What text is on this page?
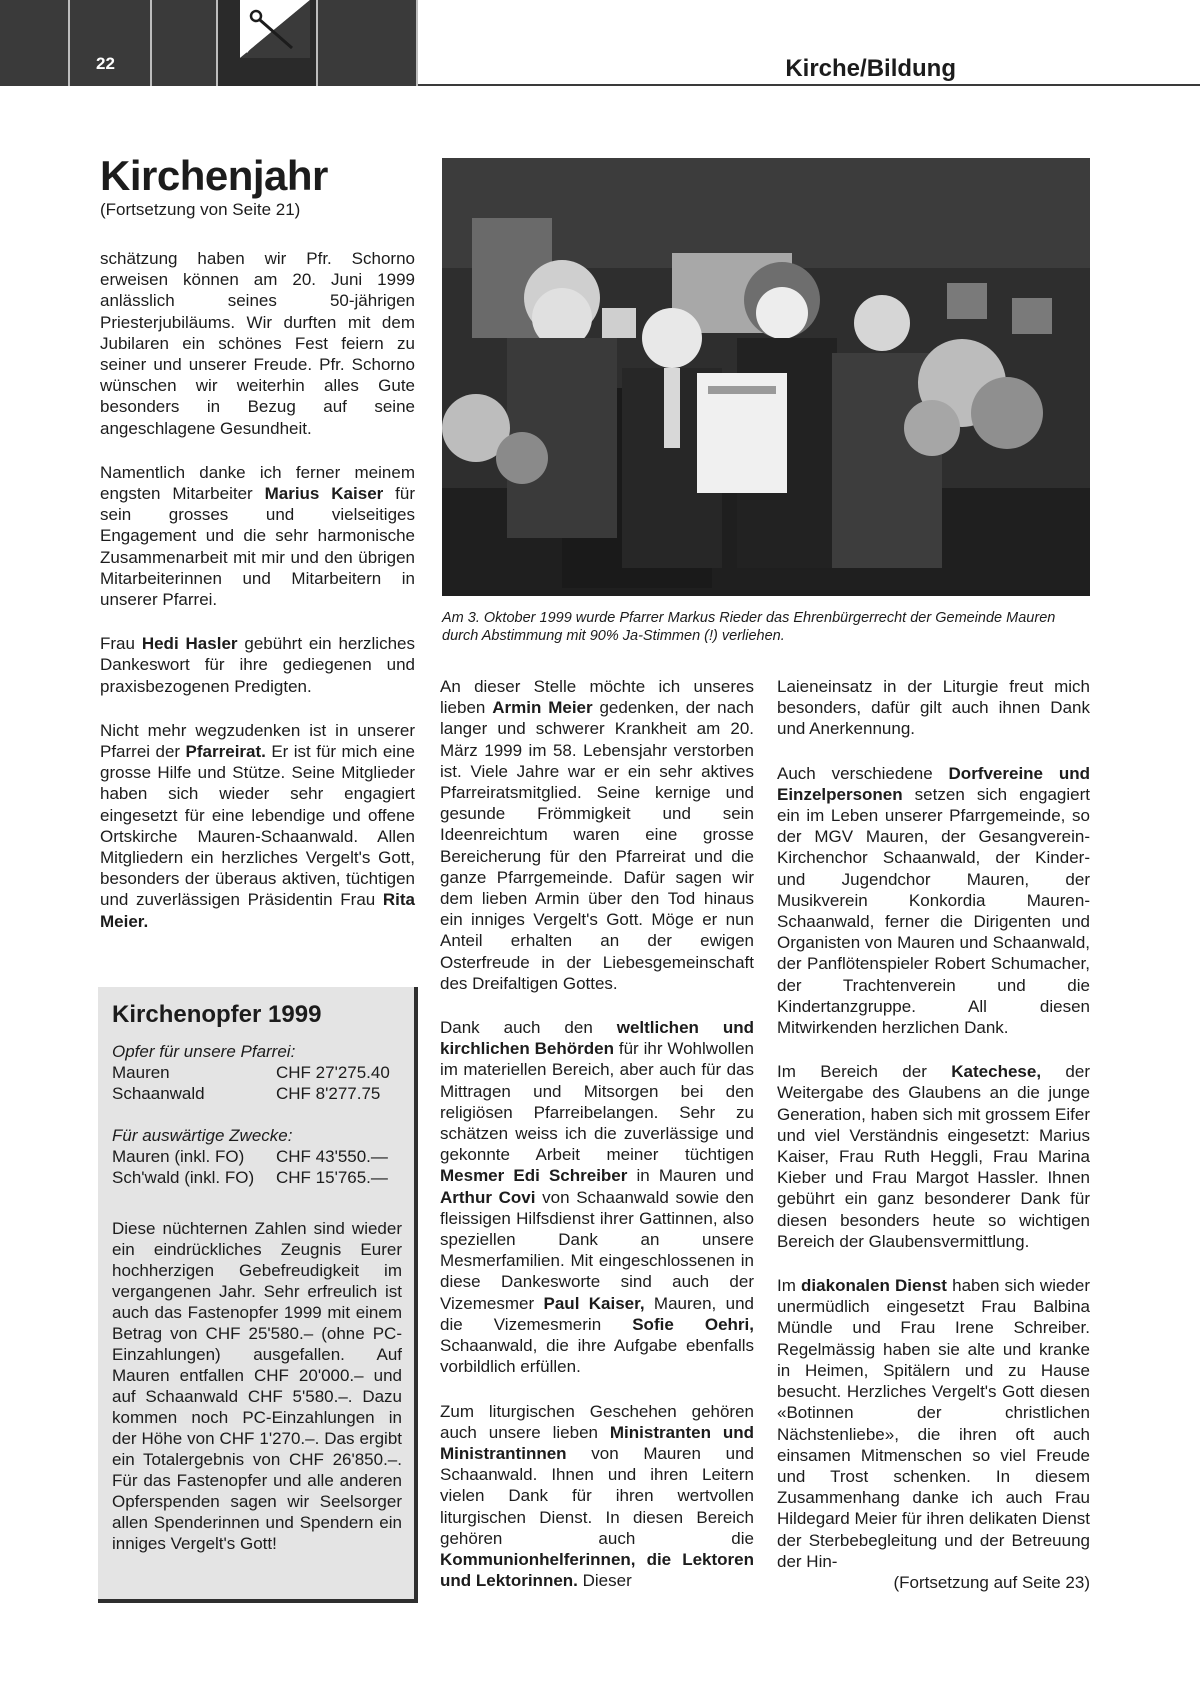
22	Kirche/Bildung
Kirchenjahr
(Fortsetzung von Seite 21)

schätzung haben wir Pfr. Schorno erweisen können am 20. Juni 1999 anlässlich seines 50-jährigen Priesterjubiläums. Wir durften mit dem Jubilaren ein schönes Fest feiern zu seiner und unserer Freude. Pfr. Schorno wünschen wir weiterhin alles Gute besonders in Bezug auf seine angeschlagene Gesundheit.

Namentlich danke ich ferner meinem engsten Mitarbeiter Marius Kaiser für sein grosses und vielseitiges Engagement und die sehr harmonische Zusammenarbeit mit mir und den übrigen Mitarbeiterinnen und Mitarbeitern in unserer Pfarrei.

Frau Hedi Hasler gebührt ein herzliches Dankeswort für ihre gediegenen und praxisbezogenen Predigten.

Nicht mehr wegzudenken ist in unserer Pfarrei der Pfarreirat. Er ist für mich eine grosse Hilfe und Stütze. Seine Mitglieder haben sich wieder sehr engagiert eingesetzt für eine lebendige und offene Ortskirche Mauren-Schaanwald. Allen Mitgliedern ein herzliches Vergelt's Gott, besonders der überaus aktiven, tüchtigen und zuverlässigen Präsidentin Frau Rita Meier.

Am 3. Oktober 1999 wurde Pfarrer Markus Rieder das Ehrenbürgerrecht der Gemeinde Mauren durch Abstimmung mit 90% Ja-Stimmen (!) verliehen.

An dieser Stelle möchte ich unseres lieben Armin Meier gedenken, der nach langer und schwerer Krankheit am 20. März 1999 im 58. Lebensjahr verstorben ist. Viele Jahre war er ein sehr aktives Pfarreiratsmitglied. Seine kernige und gesunde Frömmigkeit und sein Ideenreichtum waren eine grosse Bereicherung für den Pfarreirat und die ganze Pfarrgemeinde. Dafür sagen wir dem lieben Armin über den Tod hinaus ein inniges Vergelt's Gott. Möge er nun Anteil erhalten an der ewigen Osterfreude in der Liebesgemeinschaft des Dreifaltigen Gottes.

Dank auch den weltlichen und kirchlichen Behörden für ihr Wohlwollen im materiellen Bereich, aber auch für das Mittragen und Mitsorgen bei den religiösen Pfarreibelangen. Sehr zu schätzen weiss ich die zuverlässige und gekonnte Arbeit meiner tüchtigen Mesmer Edi Schreiber in Mauren und Arthur Covi von Schaanwald sowie den fleissigen Hilfsdienst ihrer Gattinnen, also speziellen Dank an unsere Mesmerfamilien. Mit eingeschlossenen in diese Dankesworte sind auch der Vizemesmer Paul Kaiser, Mauren, und die Vizemesmerin Sofie Oehri, Schaanwald, die ihre Aufgabe ebenfalls vorbildlich erfüllen.

Zum liturgischen Geschehen gehören auch unsere lieben Ministranten und Ministrantinnen von Mauren und Schaanwald. Ihnen und ihren Leitern vielen Dank für ihren wertvollen liturgischen Dienst. In diesen Bereich gehören auch die Kommunionhelferinnen, die Lektoren und Lektorinnen. Dieser

Laieneinsatz in der Liturgie freut mich besonders, dafür gilt auch ihnen Dank und Anerkennung.

Auch verschiedene Dorfvereine und Einzelpersonen setzen sich engagiert ein im Leben unserer Pfarrgemeinde, so der MGV Mauren, der Gesangverein-Kirchenchor Schaanwald, der Kinder- und Jugendchor Mauren, der Musikverein Konkordia Mauren-Schaanwald, ferner die Dirigenten und Organisten von Mauren und Schaanwald, der Panflötenspieler Robert Schumacher, der Trachtenverein und die Kindertanzgruppe. All diesen Mitwirkenden herzlichen Dank.

Im Bereich der Katechese, der Weitergabe des Glaubens an die junge Generation, haben sich mit grossem Eifer und viel Verständnis eingesetzt: Marius Kaiser, Frau Ruth Heggli, Frau Marina Kieber und Frau Margot Hassler. Ihnen gebührt ein ganz besonderer Dank für diesen besonders heute so wichtigen Bereich der Glaubensvermittlung.

Im diakonalen Dienst haben sich wieder unermüdlich eingesetzt Frau Balbina Mündle und Frau Irene Schreiber. Regelmässig haben sie alte und kranke in Heimen, Spitälern und zu Hause besucht. Herzliches Vergelt's Gott diesen «Botinnen der christlichen Nächstenliebe», die ihren oft auch einsamen Mitmenschen so viel Freude und Trost schenken. In diesem Zusammenhang danke ich auch Frau Hildegard Meier für ihren delikaten Dienst der Sterbebegleitung und der Betreuung der Hin-

(Fortsetzung auf Seite 23)
Kirchenopfer 1999

Opfer für unsere Pfarrei:

Mauren	CHF 27'275.40
Schaanwald	CHF 8'277.75

Für auswärtige Zwecke:

Mauren (inkl. FO) CHF 43'550.—
Sch'wald (inkl. FO) CHF 15'765.—
Diese nüchternen Zahlen sind wieder ein eindrückliches Zeugnis Eurer hochherzigen Gebefreudigkeit im vergangenen Jahr. Sehr erfreulich ist auch das Fastenopfer 1999 mit einem Betrag von CHF 25'580.– (ohne PC-Einzahlungen) ausgefallen. Auf Mauren entfallen CHF 20'000.– und auf Schaanwald CHF 5'580.–. Dazu kommen noch PC-Einzahlungen in der Höhe von CHF 1'270.–. Das ergibt ein Totalergebnis von CHF 26'850.–. Für das Fastenopfer und alle anderen Opferspenden sagen wir Seelsorger allen Spenderinnen und Spendern ein inniges Vergelt's Gott!
